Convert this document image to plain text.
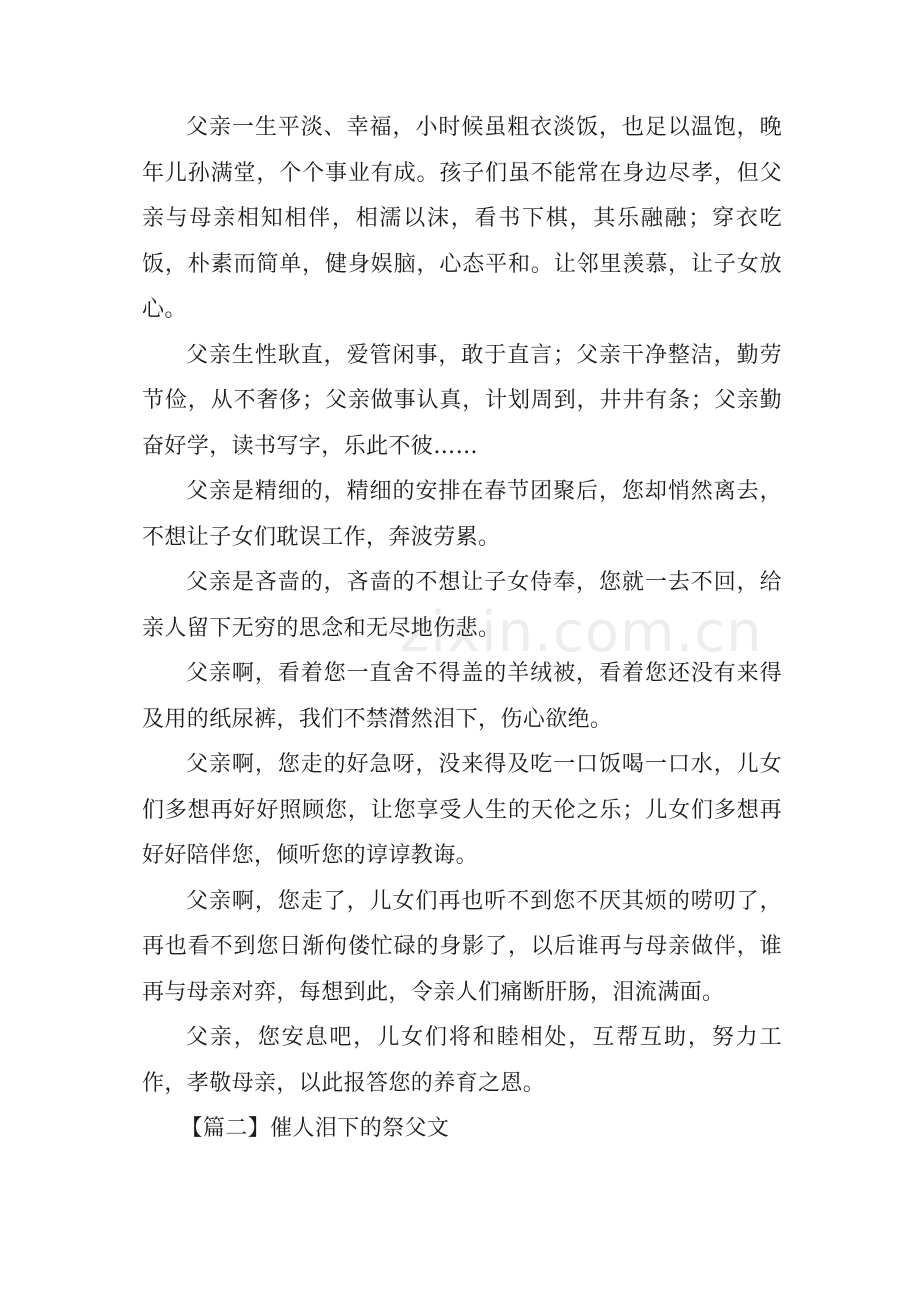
父亲一生平淡、幸福，小时候虽粗衣淡饭，也足以温饱，晚年儿孙满堂，个个事业有成。孩子们虽不能常在身边尽孝，但父亲与母亲相知相伴，相濡以沫，看书下棋，其乐融融；穿衣吃饭，朴素而简单，健身娱脑，心态平和。让邻里羡慕，让子女放心。

父亲生性耿直，爱管闲事，敢于直言；父亲干净整洁，勤劳节俭，从不奢侈；父亲做事认真，计划周到，井井有条；父亲勤奋好学，读书写字，乐此不彼……

父亲是精细的，精细的安排在春节团聚后，您却悄然离去，不想让子女们耽误工作，奔波劳累。

父亲是吝啬的，吝啬的不想让子女侍奉，您就一去不回，给亲人留下无穷的思念和无尽地伤悲。

父亲啊，看着您一直舍不得盖的羊绒被，看着您还没有来得及用的纸尿裤，我们不禁潸然泪下，伤心欲绝。

父亲啊，您走的好急呀，没来得及吃一口饭喝一口水，儿女们多想再好好照顾您，让您享受人生的天伦之乐；儿女们多想再好好陪伴您，倾听您的谆谆教诲。

父亲啊，您走了，儿女们再也听不到您不厌其烦的唠叨了，再也看不到您日渐佝偻忙碌的身影了，以后谁再与母亲做伴，谁再与母亲对弈，每想到此，令亲人们痛断肝肠，泪流满面。

父亲，您安息吧，儿女们将和睦相处，互帮互助，努力工作，孝敬母亲，以此报答您的养育之恩。

【篇二】催人泪下的祭父文

zixin.com.cn
